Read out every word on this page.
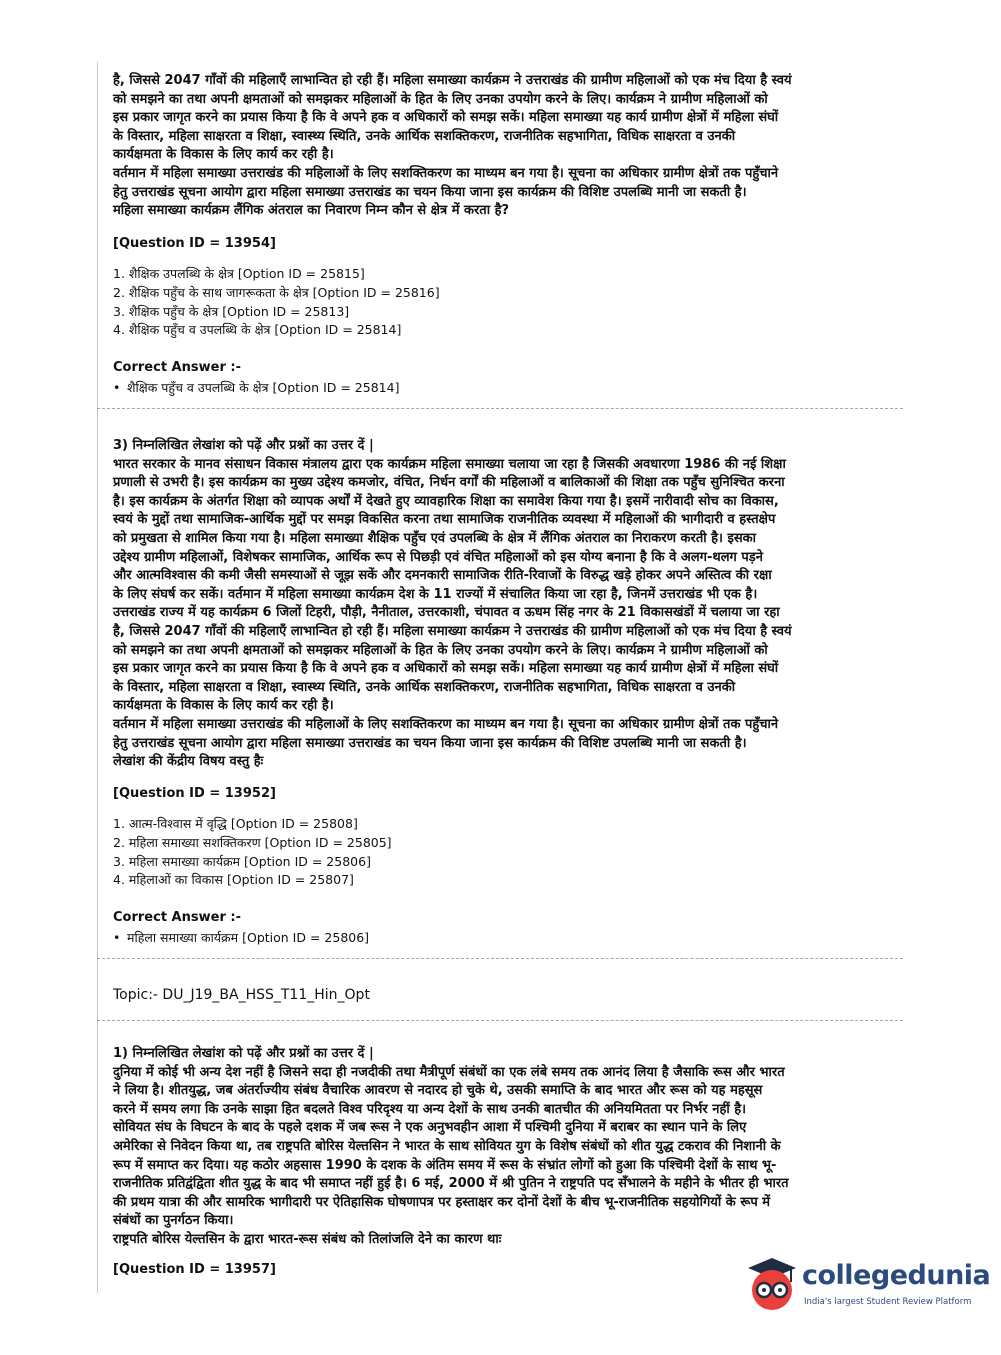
है, जिससे 2047 गाँवों की महिलाएँ लाभान्वित हो रही हैं। महिला समाख्या कार्यक्रम ने उत्तराखंड की ग्रामीण महिलाओं को एक मंच दिया है स्वयं
को समझने का तथा अपनी क्षमताओं को समझकर महिलाओं के हित के लिए उनका उपयोग करने के लिए। कार्यक्रम ने ग्रामीण महिलाओं को
इस प्रकार जागृत करने का प्रयास किया है कि वे अपने हक व अधिकारों को समझ सकें। महिला समाख्या यह कार्य ग्रामीण क्षेत्रों में महिला संघों
के विस्तार, महिला साक्षरता व शिक्षा, स्वास्थ्य स्थिति, उनके आर्थिक सशक्तिकरण, राजनीतिक सहभागिता, विधिक साक्षरता व उनकी
कार्यक्षमता के विकास के लिए कार्य कर रही है।
वर्तमान में महिला समाख्या उत्तराखंड की महिलाओं के लिए सशक्तिकरण का माध्यम बन गया है। सूचना का अधिकार ग्रामीण क्षेत्रों तक पहुँचाने
हेतु उत्तराखंड सूचना आयोग द्वारा महिला समाख्या उत्तराखंड का चयन किया जाना इस कार्यक्रम की विशिष्ट उपलब्धि मानी जा सकती है।
महिला समाख्या कार्यक्रम लैंगिक अंतराल का निवारण निम्न कौन से क्षेत्र में करता है?

[Question ID = 13954]

1. शैक्षिक उपलब्धि के क्षेत्र [Option ID = 25815]
2. शैक्षिक पहुँच के साथ जागरूकता के क्षेत्र [Option ID = 25816]
3. शैक्षिक पहुँच के क्षेत्र [Option ID = 25813]
4. शैक्षिक पहुँच व उपलब्धि के क्षेत्र [Option ID = 25814]

Correct Answer :-

• शैक्षिक पहुँच व उपलब्धि के क्षेत्र [Option ID = 25814]

3) निम्नलिखित लेखांश को पढ़ें और प्रश्नों का उत्तर दें |
भारत सरकार के मानव संसाधन विकास मंत्रालय द्वारा एक कार्यक्रम महिला समाख्या चलाया जा रहा है जिसकी अवधारणा 1986 की नई शिक्षा
प्रणाली से उभरी है। इस कार्यक्रम का मुख्य उद्देश्य कमजोर, वंचित, निर्धन वर्गों की महिलाओं व बालिकाओं की शिक्षा तक पहुँच सुनिश्चित करना
है। इस कार्यक्रम के अंतर्गत शिक्षा को व्यापक अर्थों में देखते हुए व्यावहारिक शिक्षा का समावेश किया गया है। इसमें नारीवादी सोच का विकास,
स्वयं के मुद्दों तथा सामाजिक-आर्थिक मुद्दों पर समझ विकसित करना तथा सामाजिक राजनीतिक व्यवस्था में महिलाओं की भागीदारी व हस्तक्षेप
को प्रमुखता से शामिल किया गया है। महिला समाख्या शैक्षिक पहुँच एवं उपलब्धि के क्षेत्र में लैंगिक अंतराल का निराकरण करती है। इसका
उद्देश्य ग्रामीण महिलाओं, विशेषकर सामाजिक, आर्थिक रूप से पिछड़ी एवं वंचित महिलाओं को इस योग्य बनाना है कि वे अलग-थलग पड़ने
और आत्मविश्वास की कमी जैसी समस्याओं से जूझ सकें और दमनकारी सामाजिक रीति-रिवाजों के विरुद्ध खड़े होकर अपने अस्तित्व की रक्षा
के लिए संघर्ष कर सकें। वर्तमान में महिला समाख्या कार्यक्रम देश के 11 राज्यों में संचालित किया जा रहा है, जिनमें उत्तराखंड भी एक है।
उत्तराखंड राज्य में यह कार्यक्रम 6 जिलों टिहरी, पौड़ी, नैनीताल, उत्तरकाशी, चंपावत व ऊधम सिंह नगर के 21 विकासखंडों में चलाया जा रहा
है, जिससे 2047 गाँवों की महिलाएँ लाभान्वित हो रही हैं। महिला समाख्या कार्यक्रम ने उत्तराखंड की ग्रामीण महिलाओं को एक मंच दिया है स्वयं
को समझने का तथा अपनी क्षमताओं को समझकर महिलाओं के हित के लिए उनका उपयोग करने के लिए। कार्यक्रम ने ग्रामीण महिलाओं को
इस प्रकार जागृत करने का प्रयास किया है कि वे अपने हक व अधिकारों को समझ सकें। महिला समाख्या यह कार्य ग्रामीण क्षेत्रों में महिला संघों
के विस्तार, महिला साक्षरता व शिक्षा, स्वास्थ्य स्थिति, उनके आर्थिक सशक्तिकरण, राजनीतिक सहभागिता, विधिक साक्षरता व उनकी
कार्यक्षमता के विकास के लिए कार्य कर रही है।
वर्तमान में महिला समाख्या उत्तराखंड की महिलाओं के लिए सशक्तिकरण का माध्यम बन गया है। सूचना का अधिकार ग्रामीण क्षेत्रों तक पहुँचाने
हेतु उत्तराखंड सूचना आयोग द्वारा महिला समाख्या उत्तराखंड का चयन किया जाना इस कार्यक्रम की विशिष्ट उपलब्धि मानी जा सकती है।
लेखांश की केंद्रीय विषय वस्तु हैः

[Question ID = 13952]

1. आत्म-विश्वास में वृद्धि [Option ID = 25808]
2. महिला समाख्या सशक्तिकरण [Option ID = 25805]
3. महिला समाख्या कार्यक्रम [Option ID = 25806]
4. महिलाओं का विकास [Option ID = 25807]

Correct Answer :-

• महिला समाख्या कार्यक्रम [Option ID = 25806]
Topic:- DU_J19_BA_HSS_T11_Hin_Opt

1) निम्नलिखित लेखांश को पढ़ें और प्रश्नों का उत्तर दें |
दुनिया में कोई भी अन्य देश नहीं है जिसने सदा ही नजदीकी तथा मैत्रीपूर्ण संबंधों का एक लंबे समय तक आनंद लिया है जैसाकि रूस और भारत
ने लिया है। शीतयुद्ध, जब अंतर्राज्यीय संबंध वैचारिक आवरण से नदारद हो चुके थे, उसकी समाप्ति के बाद भारत और रूस को यह महसूस
करने में समय लगा कि उनके साझा हित बदलते विश्व परिदृश्य या अन्य देशों के साथ उनकी बातचीत की अनियमितता पर निर्भर नहीं है।
सोवियत संघ के विघटन के बाद के पहले दशक में जब रूस ने एक अनुभवहीन आशा में पश्चिमी दुनिया में बराबर का स्थान पाने के लिए
अमेरिका से निवेदन किया था, तब राष्ट्रपति बोरिस येल्तसिन ने भारत के साथ सोवियत युग के विशेष संबंधों को शीत युद्ध टकराव की निशानी के
रूप में समाप्त कर दिया। यह कठोर अहसास 1990 के दशक के अंतिम समय में रूस के संभ्रांत लोगों को हुआ कि पश्चिमी देशों के साथ भू-
राजनीतिक प्रतिद्वंद्विता शीत युद्ध के बाद भी समाप्त नहीं हुई है। 6 मई, 2000 में श्री पुतिन ने राष्ट्रपति पद सँभालने के महीने के भीतर ही भारत
की प्रथम यात्रा की और सामरिक भागीदारी पर ऐतिहासिक घोषणापत्र पर हस्ताक्षर कर दोनों देशों के बीच भू-राजनीतिक सहयोगियों के रूप में
संबंधों का पुनर्गठन किया।
राष्ट्रपति बोरिस येल्तसिन के द्वारा भारत-रूस संबंध को तिलांजलि देने का कारण थाः

[Question ID = 13957]	collegedunia
India's largest Student Review Platform
